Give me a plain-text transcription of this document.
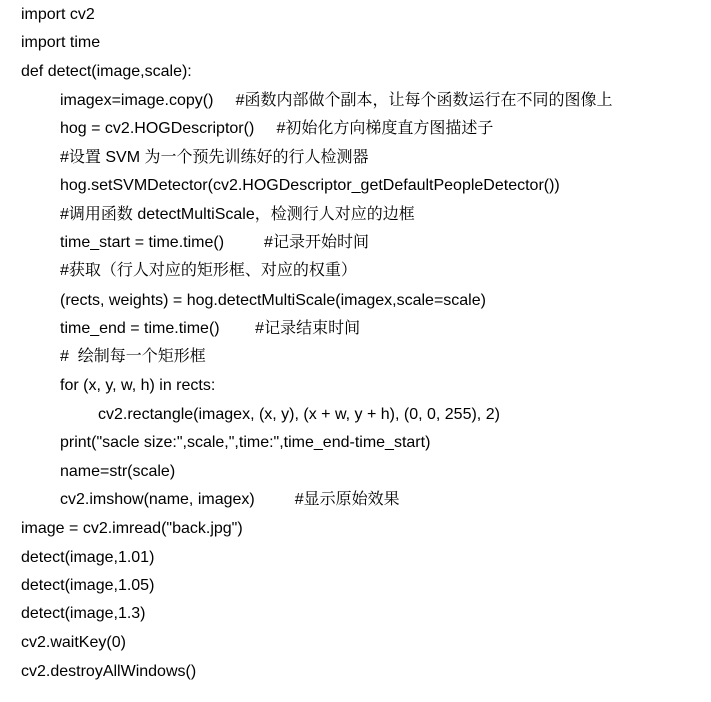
import cv2
import time
def detect(image,scale):
imagex=image.copy()     #函数内部做个副本，让每个函数运行在不同的图像上
hog = cv2.HOGDescriptor()     #初始化方向梯度直方图描述子
#设置 SVM 为一个预先训练好的行人检测器
hog.setSVMDetector(cv2.HOGDescriptor_getDefaultPeopleDetector())
#调用函数 detectMultiScale，检测行人对应的边框
time_start = time.time()         #记录开始时间
#获取（行人对应的矩形框、对应的权重）
(rects, weights) = hog.detectMultiScale(imagex,scale=scale)
time_end = time.time()        #记录结束时间
#  绘制每一个矩形框
for (x, y, w, h) in rects:
cv2.rectangle(imagex, (x, y), (x + w, y + h), (0, 0, 255), 2)
print("sacle size:",scale,",time:",time_end-time_start)
name=str(scale)
cv2.imshow(name, imagex)         #显示原始效果
image = cv2.imread("back.jpg")
detect(image,1.01)
detect(image,1.05)
detect(image,1.3)
cv2.waitKey(0)
cv2.destroyAllWindows()
